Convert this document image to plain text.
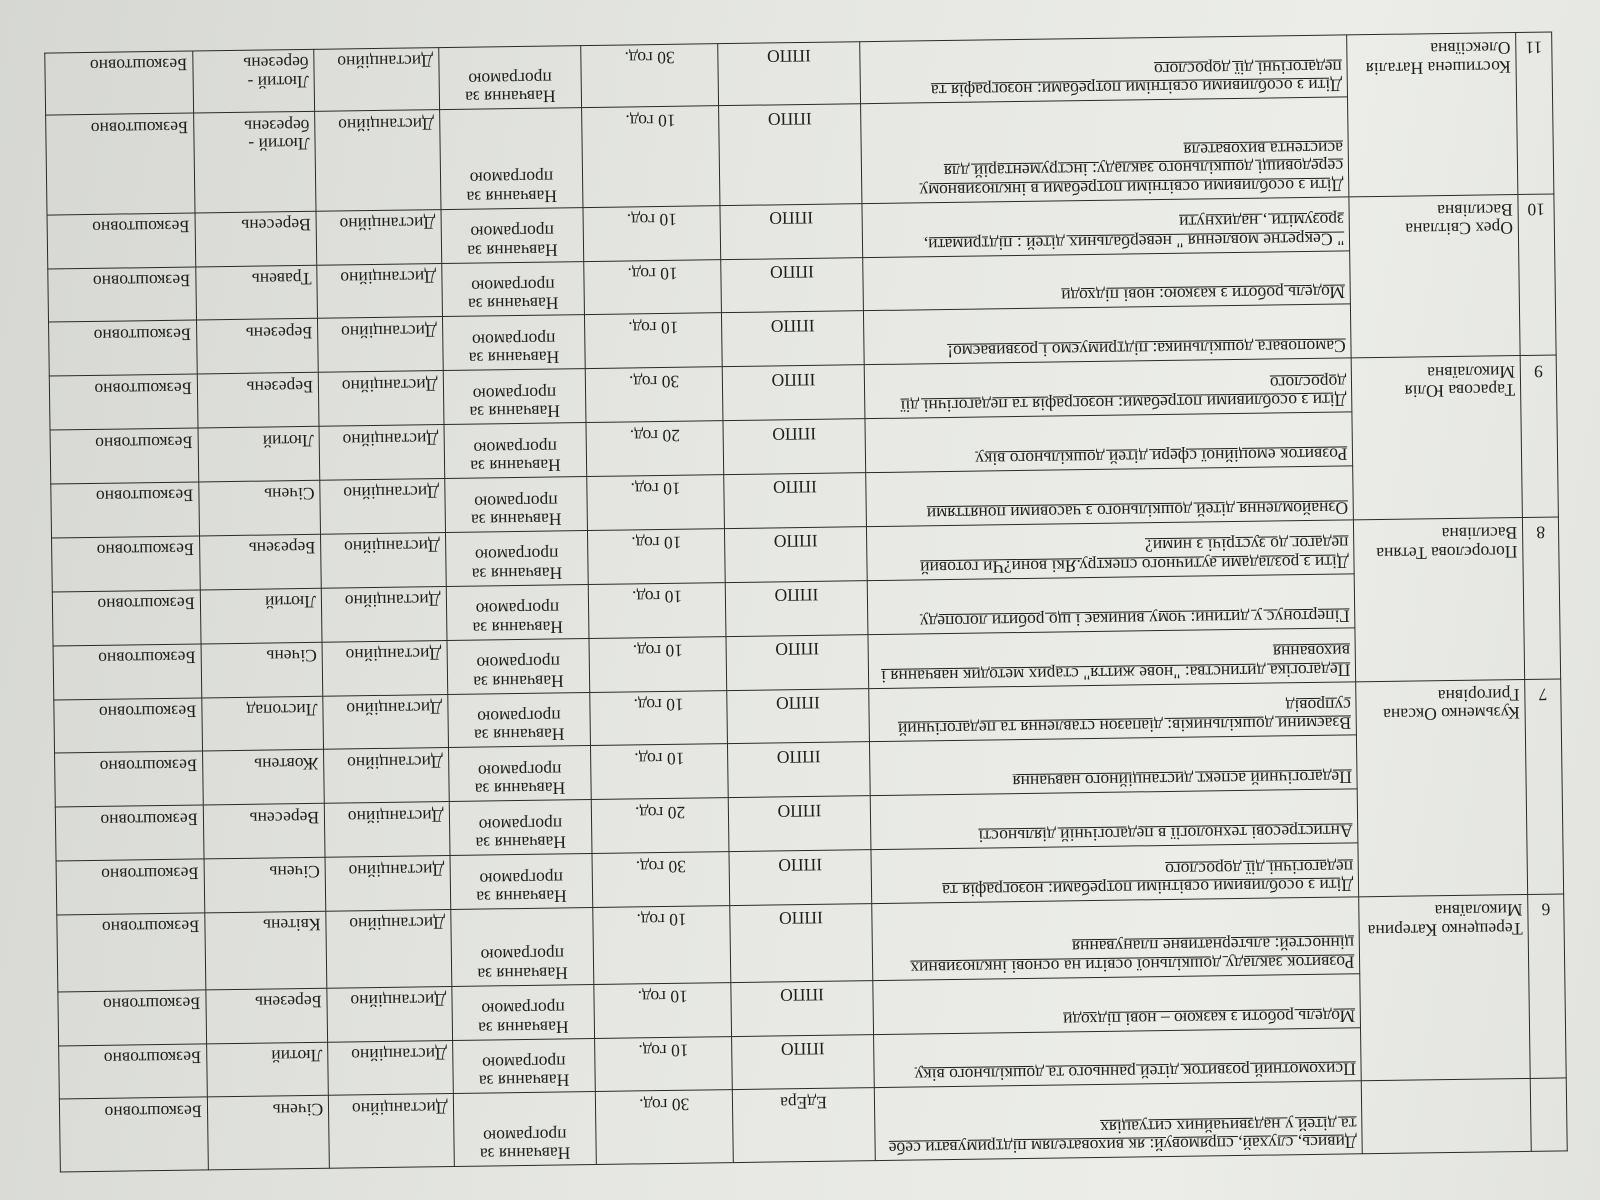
		Дивись, слухай, спрямовуй: як вихователям підтримувати себе та дітей у надзвичайних ситуаціях	ЕдЕра	30 год.	Навчання за
програмою	Дистанційно	Січень	Безкоштовно
6	Терещенко Катерина Миколаївна	Психомотний розвиток дітей раннього та дошкільного віку	ІППО	10 год.	Навчання за
програмою	Дистанційно	Лютий	Безкоштовно
		Модель роботи з казкою – нові підходи	ІППО	10 год.	Навчання за
програмою	Дистанційно	Березень	Безкоштовно
		Розвиток закладу дошкільної освіти на основі інклюзивних цінностей: альтернативне планування	ІППО	10 год.	Навчання за
програмою	Дистанційно	Квітень	Безкоштовно
7	Кузьменко Оксана Григорівна	Діти з особливими освітніми потребами: нозографія та педагогічні дії дорослого	ІППО	30 год.	Навчання за
програмою	Дистанційно	Січень	Безкоштовно
		Антистресові технології в педагогічній діяльності	ІППО	20 год.	Навчання за
програмою	Дистанційно	Вересень	Безкоштовно
		Педагогічний аспект дистанційного навчання	ІППО	10 год.	Навчання за
програмою	Дистанційно	Жовтень	Безкоштовно
		Взаємини дошкільників: діапазон ставлення та педагогічний супровід	ІППО	10 год.	Навчання за
програмою	Дистанційно	Листопад	Безкоштовно
8	Погорєлова Тетяна Василівна	Педагогіка дитинства: "нове життя" старих методик навчання і виховання	ІППО	10 год.	Навчання за
програмою	Дистанційно	Січень	Безкоштовно
		Гіпертонус у дитини: чому виникає і що робити логопеду	ІППО	10 год.	Навчання за
програмою	Дистанційно	Лютий	Безкоштовно
		Діти з розладами аутичного спектру.Які вони?Чи готовий педагог до зустрічі з ними?	ІППО	10 год.	Навчання за
програмою	Дистанційно	Березень	Безкоштовно
9	Тарасова Юлія Миколаївна	Ознайомлення дітей дошкільного з часовими поняттями	ІППО	10 год.	Навчання за
програмою	Дистанційно	Січень	Безкоштовно
		Розвиток емоційної сфери дітей дошкільного віку	ІППО	20 год.	Навчання за
програмою	Дистанційно	Лютий	Безкоштовно
		Діти з особливими потребами: нозографія та педагогічні дії дорослого	ІППО	30 год.	Навчання за
програмою	Дистанційно	Березень	Безкоштовно
10	Орех Світлана Василівна	Самоповага дошкільника: підтримуємо і розвиваємо!	ІППО	10 год.	Навчання за
програмою	Дистанційно	Березень	Безкоштовно
		Модель роботи з казкою: нові підходи	ІППО	10 год.	Навчання за
програмою	Дистанційно	Травень	Безкоштовно
		" Секретне мовлення " невербальних дітей : підтримати, зрозуміти , надихнути	ІППО	10 год.	Навчання за
програмою	Дистанційно	Вересень	Безкоштовно
11	Костишена Наталія Олексіївна	Діти з особливими освітніми потребами в інклюзивному середовищі дошкільного закладу: інструментарій для асистента вихователя	ІППО	10 год.	Навчання за
програмою	Дистанційно	Лютий - березень	Безкоштовно
		Діти з особливими освітніми потребами: нозографія та педагогічні дії дорослого	ІППО	30 год.	Навчання за
програмою	Дистанційно	Лютий - березень	Безкоштовно
